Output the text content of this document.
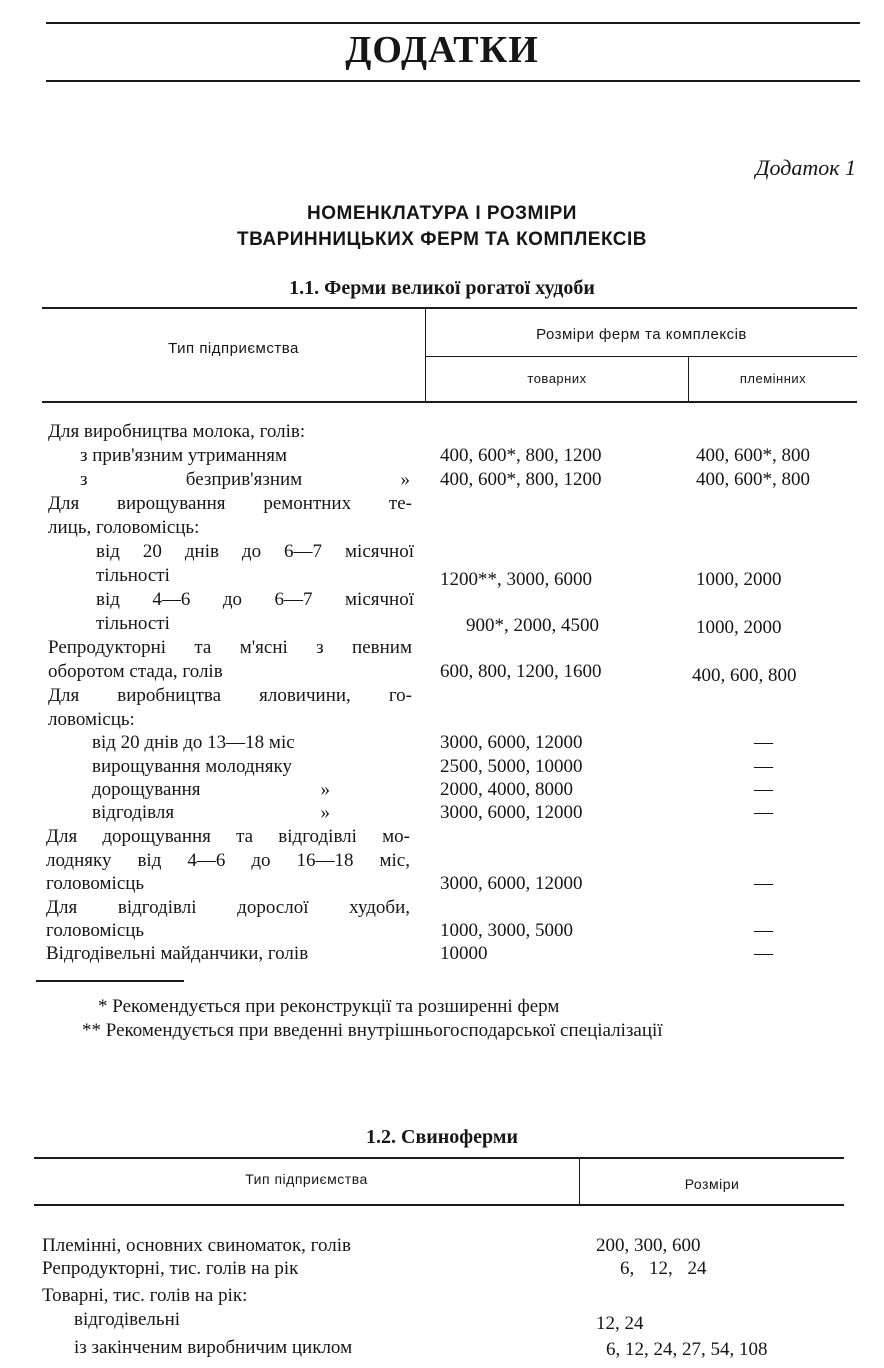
ДОДАТКИ
Додаток 1
НОМЕНКЛАТУРА І РОЗМІРИ
ТВАРИННИЦЬКИХ ФЕРМ ТА КОМПЛЕКСІВ
1.1. Ферми великої рогатої худоби
Тип підприємства
Розміри ферм та комплексів
товарних	племінних
Для виробництва молока, голів:
з прив'язним утриманням	400, 600*, 800, 1200	400, 600*, 800
з безприв'язним » 400, 600*, 800, 1200	400, 600*, 800
Для вирощування ремонтних те-
лиць, головомісць:
від 20 днів до 6—7 місячної
тільності	1200**, 3000, 6000	1000, 2000
від 4—6 до 6—7 місячної
тільності	900*, 2000, 4500	1000, 2000
Репродукторні та м'ясні з певним
оборотом стада, голів	600, 800, 1200, 1600	400, 600, 800
Для виробництва яловичини, го-
ловомісць:
від 20 днів до 13—18 міс	3000, 6000, 12000	—
вирощування молодняку	2500, 5000, 10000	—
дорощування »	2000, 4000, 8000	—
відгодівля »	3000, 6000, 12000	—
Для дорощування та відгодівлі мо-
лодняку від 4—6 до 16—18 міс,
головомісць	3000, 6000, 12000	—
Для відгодівлі дорослої худоби,
головомісць	1000, 3000, 5000	—
Відгодівельні майданчики, голів	10000	—
* Рекомендується при реконструкції та розширенні ферм
** Рекомендується при введенні внутрішньогосподарської спеціалізації
1.2. Свиноферми
Тип підприємства	Розміри
Племінні, основних свиноматок, голів	200, 300, 600
Репродукторні, тис. голів на рік	6, 12, 24
Товарні, тис. голів на рік:
відгодівельні	12, 24
із закінченим виробничим циклом	6, 12, 24, 27, 54, 108
